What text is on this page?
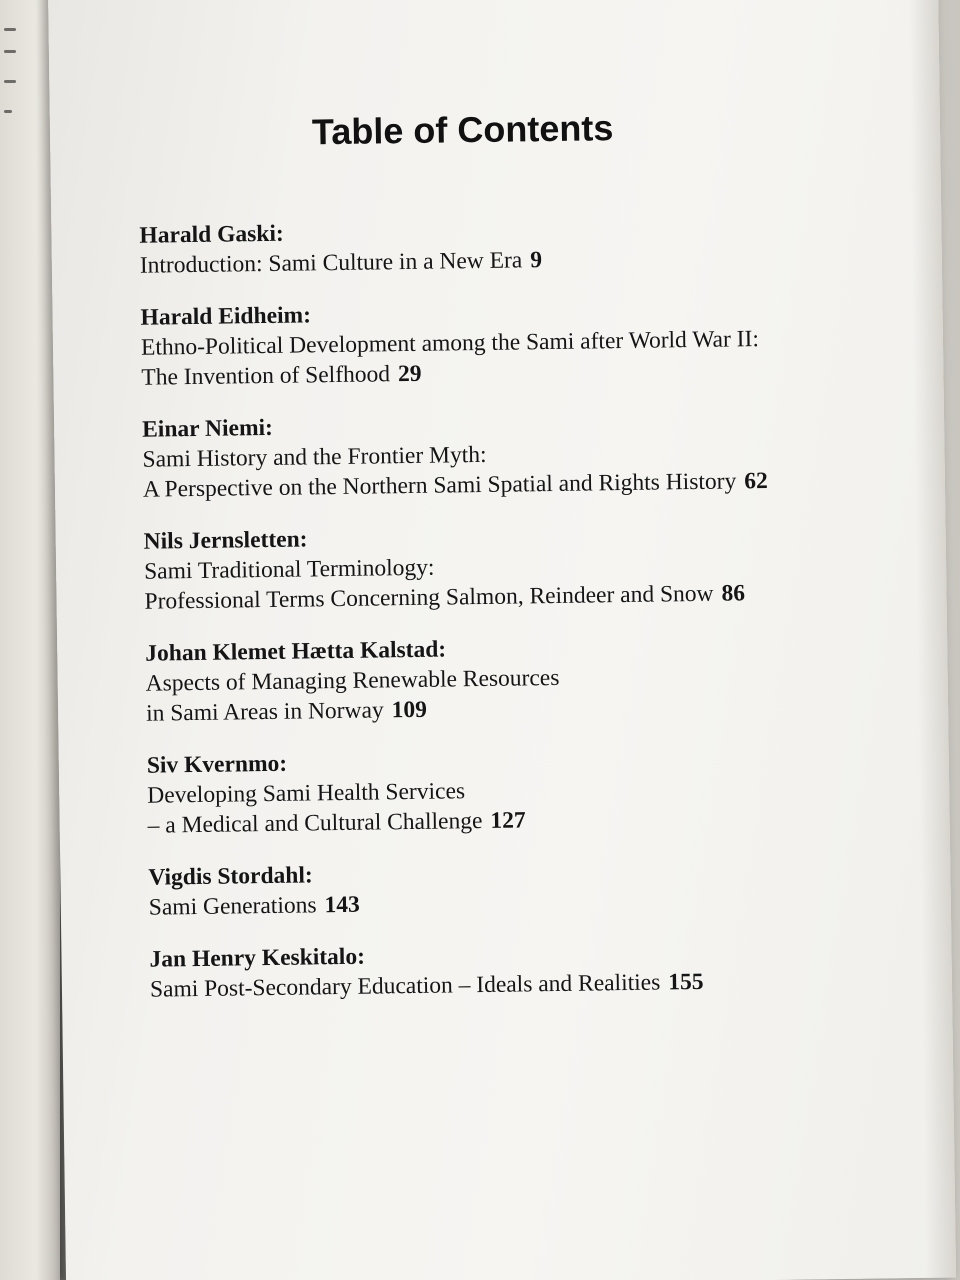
Table of Contents
Harald Gaski:
Introduction: Sami Culture in a New Era 9
Harald Eidheim:
Ethno-Political Development among the Sami after World War II:
The Invention of Selfhood 29
Einar Niemi:
Sami History and the Frontier Myth:
A Perspective on the Northern Sami Spatial and Rights History 62
Nils Jernsletten:
Sami Traditional Terminology:
Professional Terms Concerning Salmon, Reindeer and Snow 86
Johan Klemet Hætta Kalstad:
Aspects of Managing Renewable Resources
in Sami Areas in Norway 109
Siv Kvernmo:
Developing Sami Health Services
– a Medical and Cultural Challenge 127
Vigdis Stordahl:
Sami Generations 143
Jan Henry Keskitalo:
Sami Post-Secondary Education – Ideals and Realities 155
